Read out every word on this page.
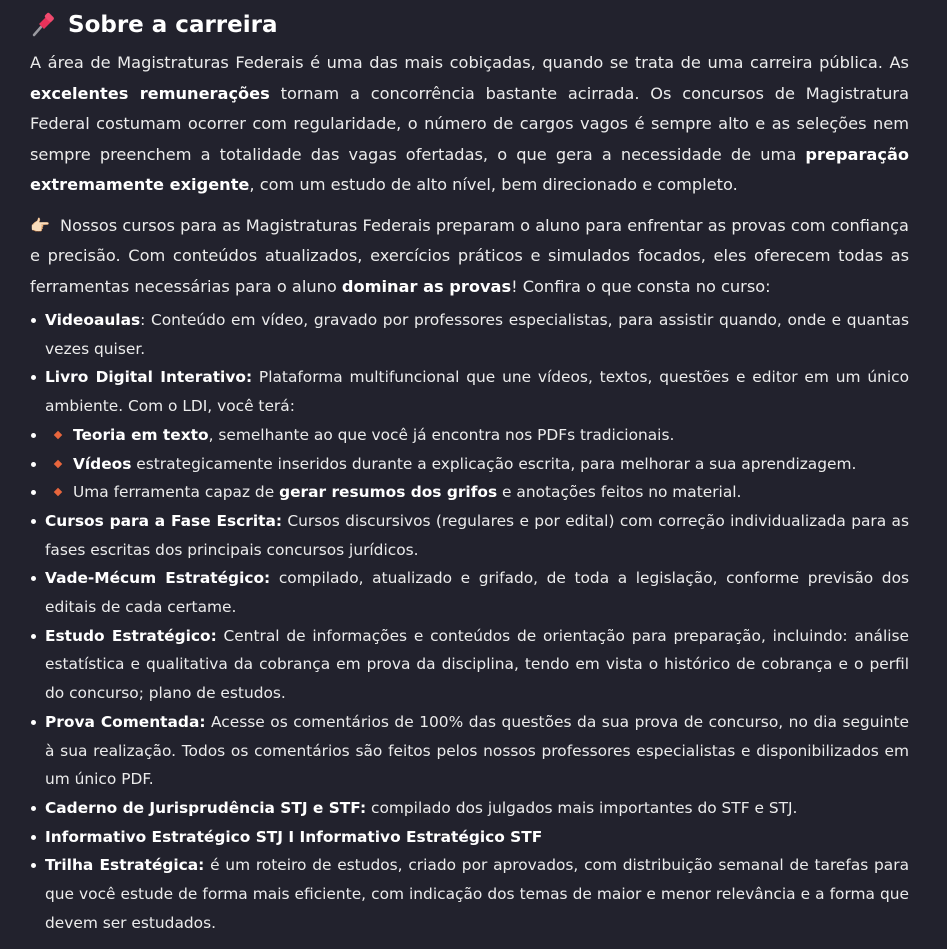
Sobre a carreira

A área de Magistraturas Federais é uma das mais cobiçadas, quando se trata de uma carreira pública. As excelentes remunerações tornam a concorrência bastante acirrada. Os concursos de Magistratura Federal costumam ocorrer com regularidade, o número de cargos vagos é sempre alto e as seleções nem sempre preenchem a totalidade das vagas ofertadas, o que gera a necessidade de uma preparação extremamente exigente, com um estudo de alto nível, bem direcionado e completo.

👉🏻 Nossos cursos para as Magistraturas Federais preparam o aluno para enfrentar as provas com confiança e precisão. Com conteúdos atualizados, exercícios práticos e simulados focados, eles oferecem todas as ferramentas necessárias para o aluno dominar as provas! Confira o que consta no curso:

Videoaulas: Conteúdo em vídeo, gravado por professores especialistas, para assistir quando, onde e quantas vezes quiser.
Livro Digital Interativo: Plataforma multifuncional que une vídeos, textos, questões e editor em um único ambiente. Com o LDI, você terá:
Teoria em texto, semelhante ao que você já encontra nos PDFs tradicionais.
Vídeos estrategicamente inseridos durante a explicação escrita, para melhorar a sua aprendizagem.
Uma ferramenta capaz de gerar resumos dos grifos e anotações feitos no material.
Cursos para a Fase Escrita: Cursos discursivos (regulares e por edital) com correção individualizada para as fases escritas dos principais concursos jurídicos.
Vade-Mécum Estratégico: compilado, atualizado e grifado, de toda a legislação, conforme previsão dos editais de cada certame.
Estudo Estratégico: Central de informações e conteúdos de orientação para preparação, incluindo: análise estatística e qualitativa da cobrança em prova da disciplina, tendo em vista o histórico de cobrança e o perfil do concurso; plano de estudos.
Prova Comentada: Acesse os comentários de 100% das questões da sua prova de concurso, no dia seguinte à sua realização. Todos os comentários são feitos pelos nossos professores especialistas e disponibilizados em um único PDF.
Caderno de Jurisprudência STJ e STF: compilado dos julgados mais importantes do STF e STJ.
Informativo Estratégico STJ I Informativo Estratégico STF
Trilha Estratégica: é um roteiro de estudos, criado por aprovados, com distribuição semanal de tarefas para que você estude de forma mais eficiente, com indicação dos temas de maior e menor relevância e a forma que devem ser estudados.
